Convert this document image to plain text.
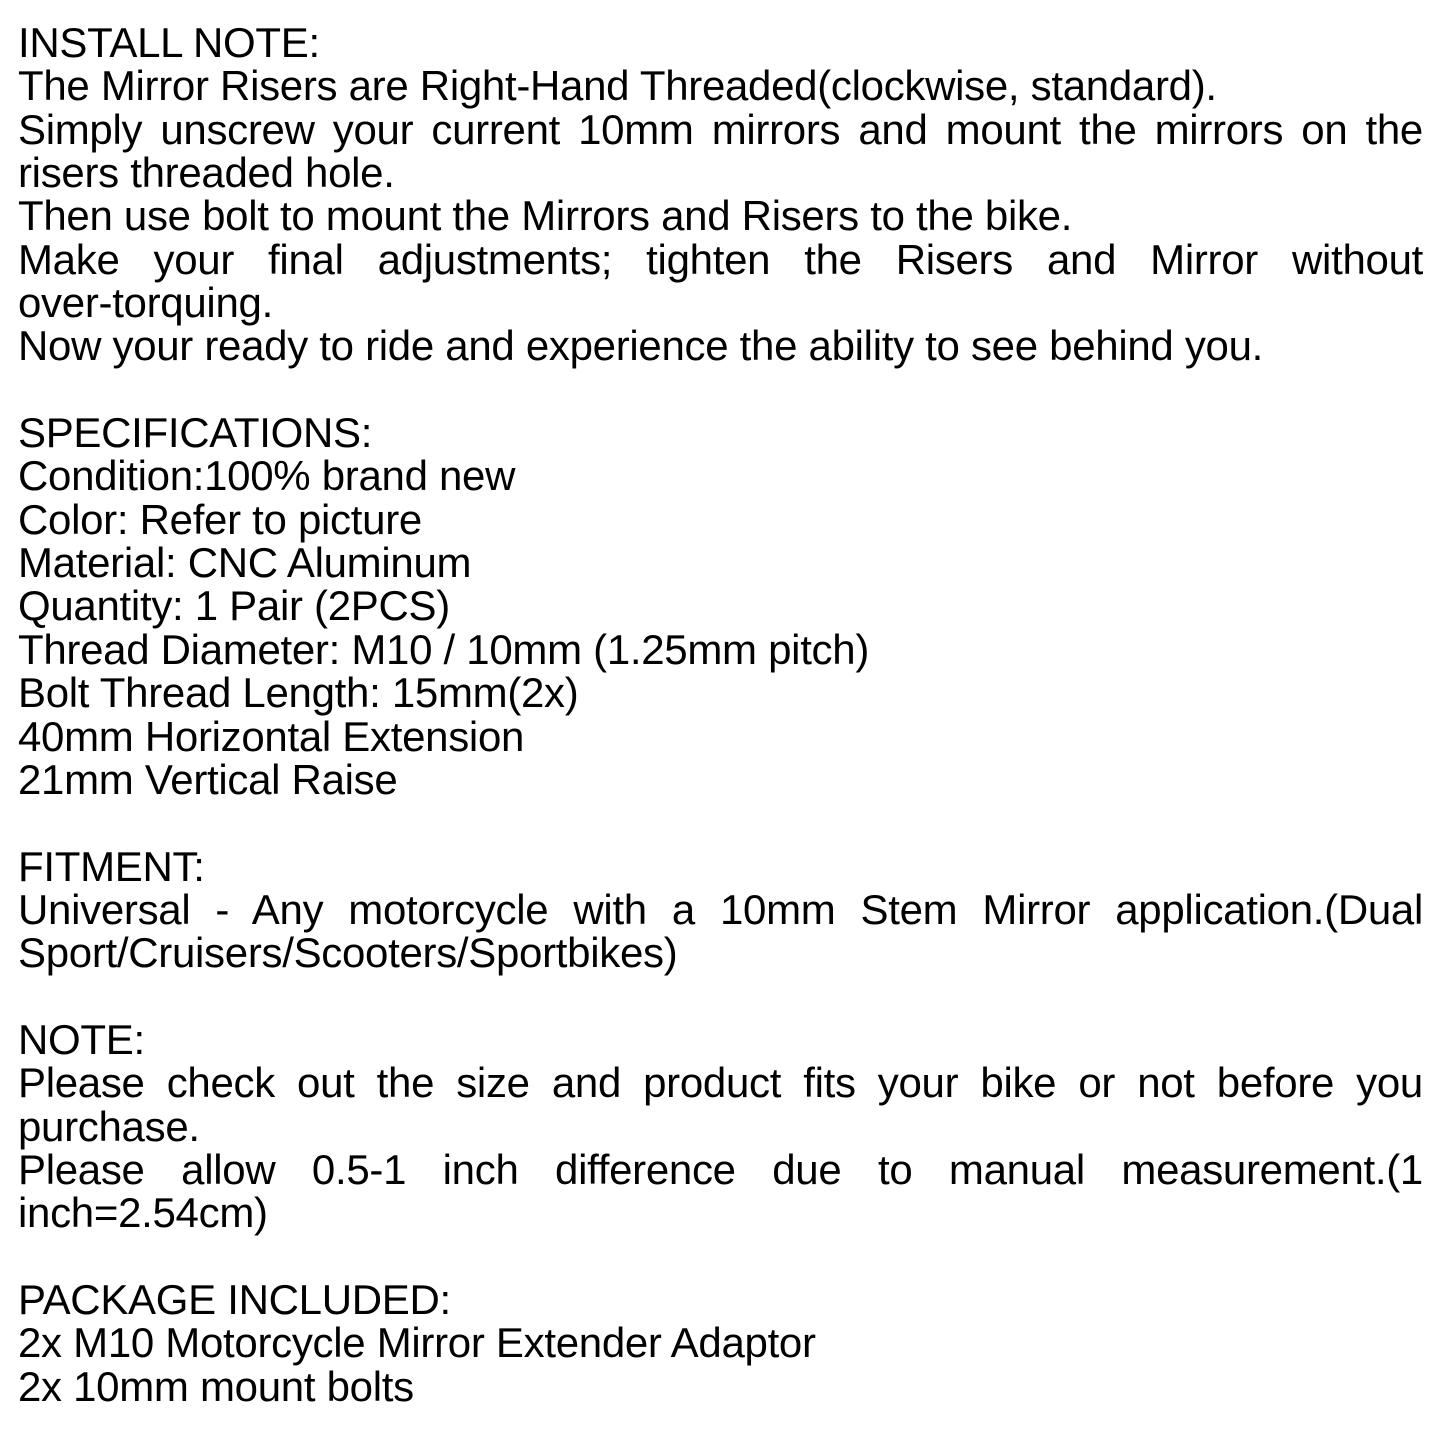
INSTALL NOTE:
The Mirror Risers are Right-Hand Threaded(clockwise, standard).
Simply unscrew your current 10mm mirrors and mount the mirrors on the
risers threaded hole.
Then use bolt to mount the Mirrors and Risers to the bike.
Make your final adjustments; tighten the Risers and Mirror without
over-torquing.
Now your ready to ride and experience the ability to see behind you.
SPECIFICATIONS:
Condition:100% brand new
Color: Refer to picture
Material: CNC Aluminum
Quantity: 1 Pair (2PCS)
Thread Diameter: M10 / 10mm (1.25mm pitch)
Bolt Thread Length: 15mm(2x)
40mm Horizontal Extension
21mm Vertical Raise
FITMENT:
Universal - Any motorcycle with a 10mm Stem Mirror application.(Dual
Sport/Cruisers/Scooters/Sportbikes)
NOTE:
Please check out the size and product fits your bike or not before you
purchase.
Please allow 0.5-1 inch difference due to manual measurement.(1
inch=2.54cm)
PACKAGE INCLUDED:
2x M10 Motorcycle Mirror Extender Adaptor
2x 10mm mount bolts
